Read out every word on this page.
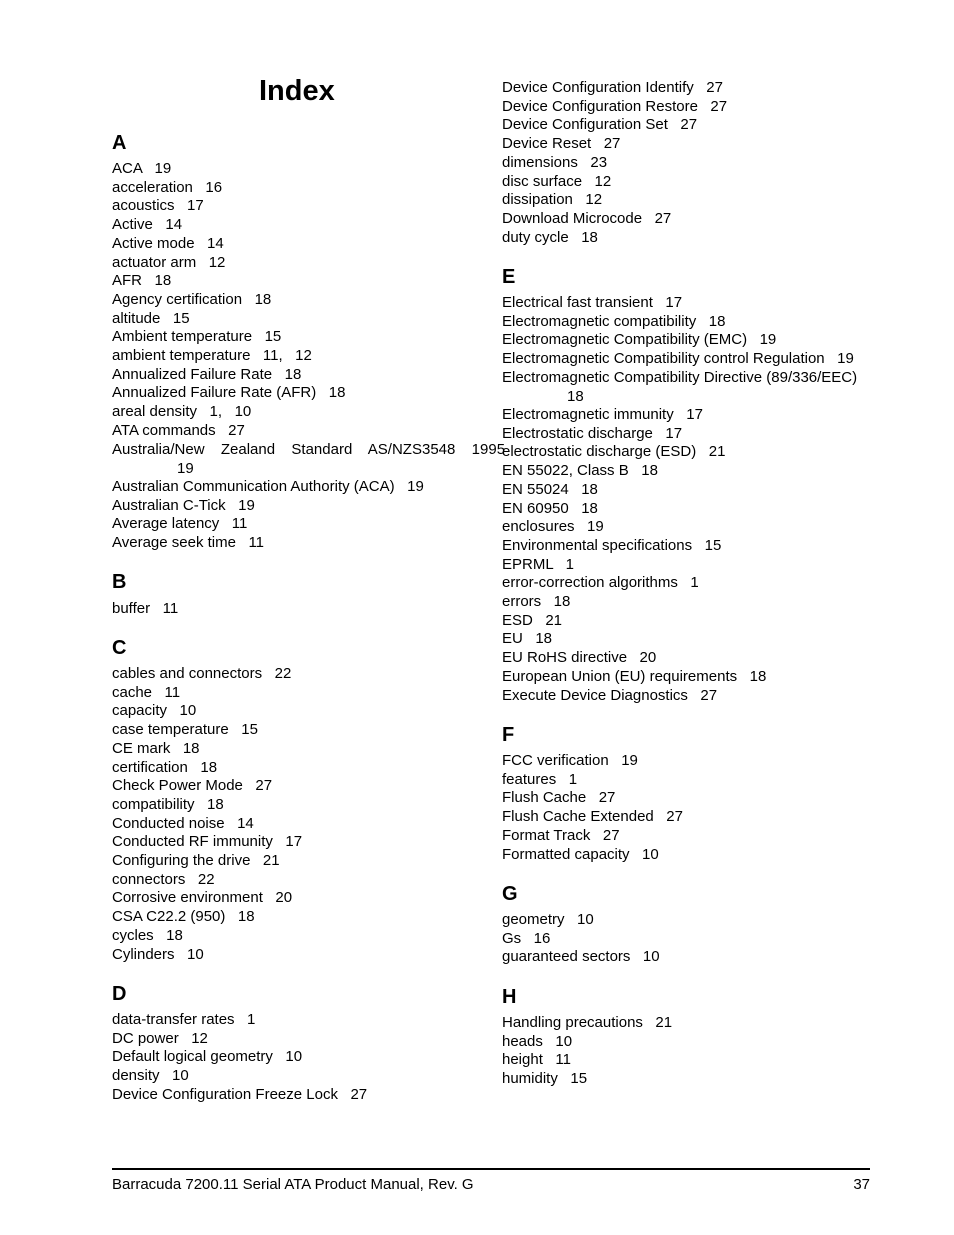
Index
A
ACA   19
acceleration   16
acoustics   17
Active   14
Active mode   14
actuator arm   12
AFR   18
Agency certification   18
altitude   15
Ambient temperature   15
ambient temperature   11,   12
Annualized Failure Rate   18
Annualized Failure Rate (AFR)   18
areal density   1,   10
ATA commands   27
Australia/New  Zealand  Standard  AS/NZS3548  1995
19
Australian Communication Authority (ACA)   19
Australian C-Tick   19
Average latency   11
Average seek time   11
B
buffer   11
C
cables and connectors   22
cache   11
capacity   10
case temperature   15
CE mark   18
certification   18
Check Power Mode   27
compatibility   18
Conducted noise   14
Conducted RF immunity   17
Configuring the drive   21
connectors   22
Corrosive environment   20
CSA C22.2 (950)   18
cycles   18
Cylinders   10
D
data-transfer rates   1
DC power   12
Default logical geometry   10
density   10
Device Configuration Freeze Lock   27
Device Configuration Identify   27
Device Configuration Restore   27
Device Configuration Set   27
Device Reset   27
dimensions   23
disc surface   12
dissipation   12
Download Microcode   27
duty cycle   18
E
Electrical fast transient   17
Electromagnetic compatibility   18
Electromagnetic Compatibility (EMC)   19
Electromagnetic Compatibility control Regulation   19
Electromagnetic Compatibility Directive (89/336/EEC)
18
Electromagnetic immunity   17
Electrostatic discharge   17
electrostatic discharge (ESD)   21
EN 55022, Class B   18
EN 55024   18
EN 60950   18
enclosures   19
Environmental specifications   15
EPRML   1
error-correction algorithms   1
errors   18
ESD   21
EU   18
EU RoHS directive   20
European Union (EU) requirements   18
Execute Device Diagnostics   27
F
FCC verification   19
features   1
Flush Cache   27
Flush Cache Extended   27
Format Track   27
Formatted capacity   10
G
geometry   10
Gs   16
guaranteed sectors   10
H
Handling precautions   21
heads   10
height   11
humidity   15
Barracuda 7200.11 Serial ATA Product Manual, Rev. G	37
